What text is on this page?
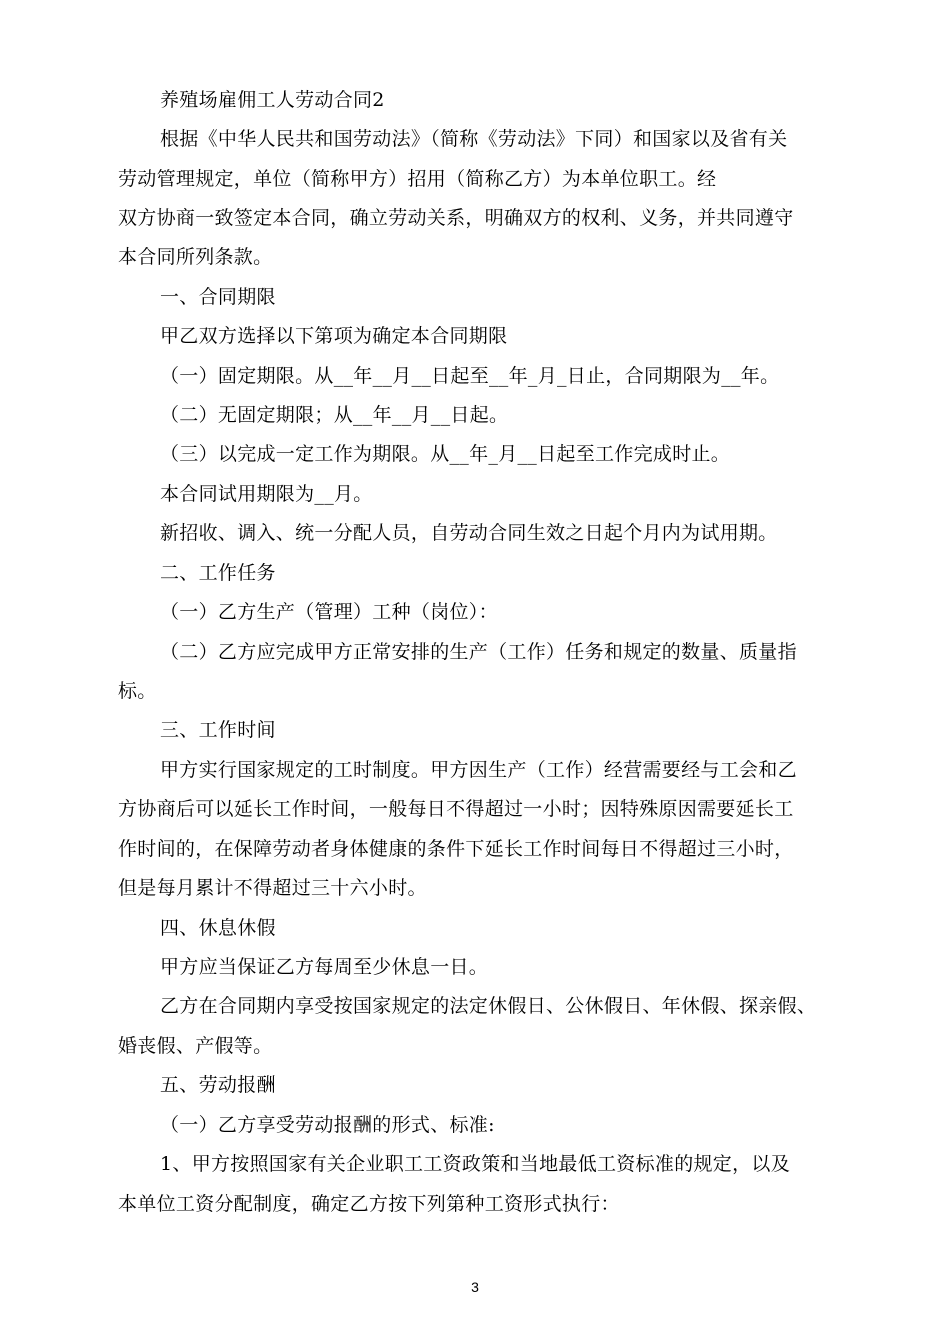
养殖场雇佣工人劳动合同2
根据《中华人民共和国劳动法》（简称《劳动法》下同）和国家以及省有关
劳动管理规定，单位（简称甲方）招用（简称乙方）为本单位职工。经
双方协商一致签定本合同，确立劳动关系，明确双方的权利、义务，并共同遵守
本合同所列条款。
一、合同期限
甲乙双方选择以下第项为确定本合同期限
（一）固定期限。从__年__月__日起至__年_月_日止，合同期限为__年。
（二）无固定期限；从__年__月__日起。
（三）以完成一定工作为期限。从__年_月__日起至工作完成时止。
本合同试用期限为__月。
新招收、调入、统一分配人员，自劳动合同生效之日起个月内为试用期。
二、工作任务
（一）乙方生产（管理）工种（岗位）：
（二）乙方应完成甲方正常安排的生产（工作）任务和规定的数量、质量指
标。
三、工作时间
甲方实行国家规定的工时制度。甲方因生产（工作）经营需要经与工会和乙
方协商后可以延长工作时间，一般每日不得超过一小时；因特殊原因需要延长工
作时间的，在保障劳动者身体健康的条件下延长工作时间每日不得超过三小时，
但是每月累计不得超过三十六小时。
四、休息休假
甲方应当保证乙方每周至少休息一日。
乙方在合同期内享受按国家规定的法定休假日、公休假日、年休假、探亲假、
婚丧假、产假等。
五、劳动报酬
（一）乙方享受劳动报酬的形式、标准:
1、甲方按照国家有关企业职工工资政策和当地最低工资标准的规定，以及
本单位工资分配制度，确定乙方按下列第种工资形式执行：
3
